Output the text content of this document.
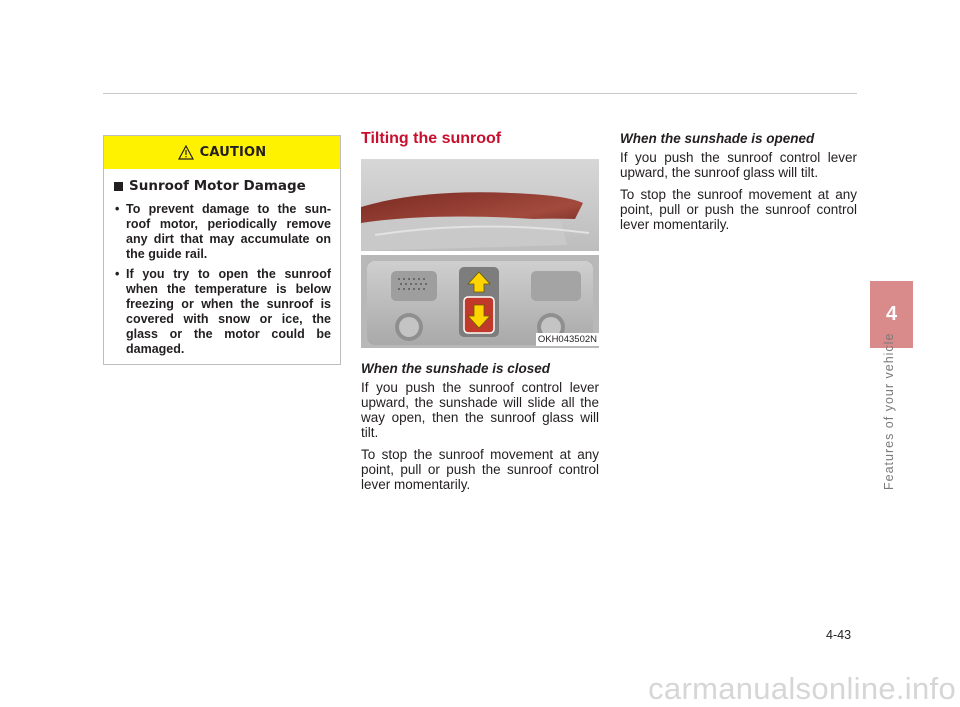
CAUTION
Sunroof Motor Damage
• To prevent damage to the sun-roof motor, periodically remove any dirt that may accumulate on the guide rail.
• If you try to open the sunroof when the temperature is below freezing or when the sunroof is covered with snow or ice, the glass or the motor could be damaged.
Tilting the sunroof
OKH043502N
When the sunshade is closed

If you push the sunroof control lever upward, the sunshade will slide all the way open, then the sunroof glass will tilt.

To stop the sunroof movement at any point, pull or push the sunroof control lever momentarily.

When the sunshade is opened

If you push the sunroof control lever upward, the sunroof glass will tilt.

To stop the sunroof movement at any point, pull or push the sunroof control lever momentarily.

4
Features of your vehicle
4-43
carmanualsonline.info
